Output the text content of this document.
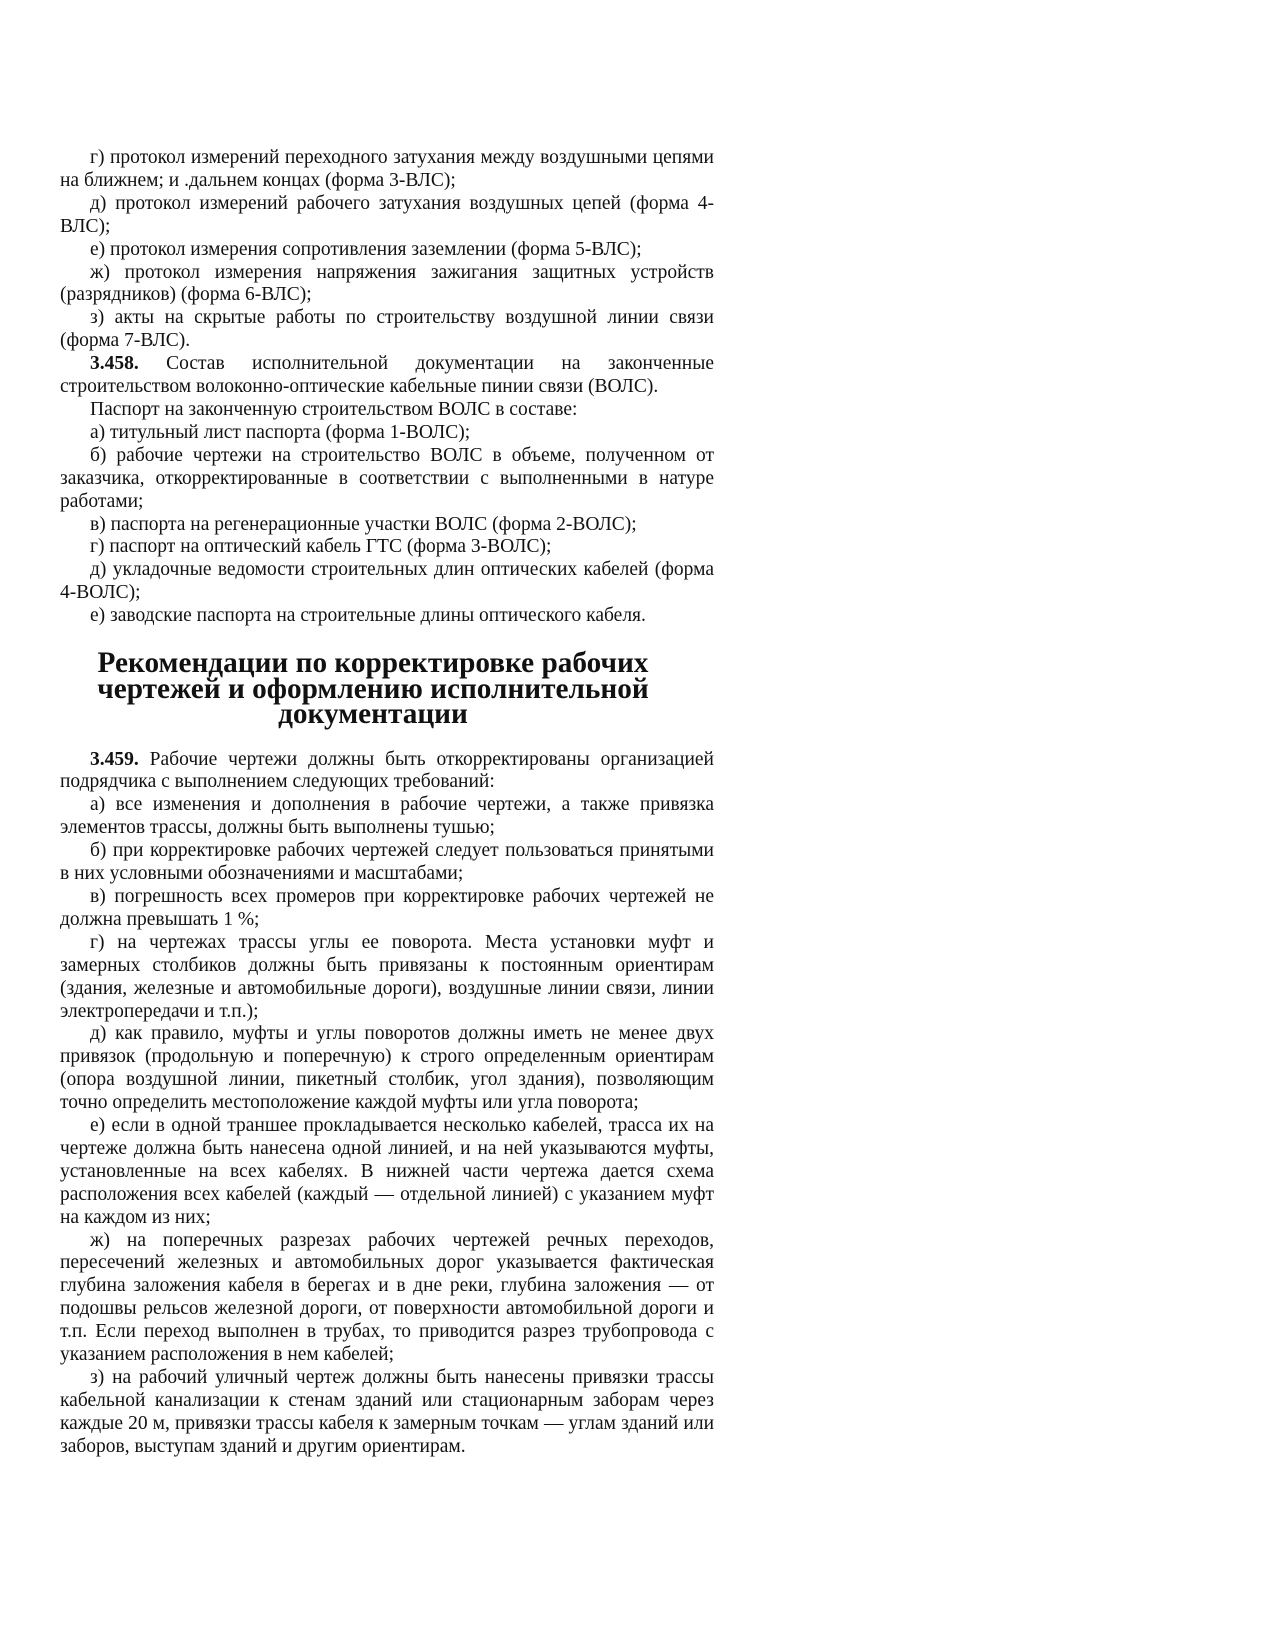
г) протокол измерений переходного затухания между воздушными цепями на ближнем; и .дальнем концах (форма 3-ВЛС);

д) протокол измерений рабочего затухания воздушных цепей (форма 4-ВЛС);

е) протокол измерения сопротивления заземлении (форма 5-ВЛС);

ж) протокол измерения напряжения зажигания защитных устройств (разрядников) (форма 6-ВЛС);

з) акты на скрытые работы по строительству воздушной линии связи (форма 7-ВЛС).

3.458. Состав исполнительной документации на законченные строительством волоконно-оптические кабельные пинии связи (ВОЛС).

Паспорт на законченную строительством ВОЛС в составе:

а) титульный лист паспорта (форма 1-ВОЛС);

б) рабочие чертежи на строительство ВОЛС в объеме, полученном от заказчика, откорректированные в соответствии с выполненными в натуре работами;

в) паспорта на регенерационные участки ВОЛС (форма 2-ВОЛС);

г) паспорт на оптический кабель ГТС (форма 3-ВОЛС);

д) укладочные ведомости строительных длин оптических кабелей (форма 4-ВОЛС);

е) заводские паспорта на строительные длины оптического кабеля.

Рекомендации по корректировке рабочих
чертежей и оформлению исполнительной
документации

3.459. Рабочие чертежи должны быть откорректированы организацией подрядчика с выполнением следующих требований:

а) все изменения и дополнения в рабочие чертежи, а также привязка элементов трассы, должны быть выполнены тушью;

б) при корректировке рабочих чертежей следует пользоваться принятыми в них условными обозначениями и масштабами;

в) погрешность всех промеров при корректировке рабочих чертежей не должна превышать 1 %;

г) на чертежах трассы углы ее поворота. Места установки муфт и замерных столбиков должны быть привязаны к постоянным ориентирам (здания, железные и автомобильные дороги), воздушные линии связи, линии электропередачи и т.п.);

д) как правило, муфты и углы поворотов должны иметь не менее двух привязок (продольную и поперечную) к строго определенным ориентирам (опора воздушной линии, пикетный столбик, угол здания), позволяющим точно определить местоположение каждой муфты или угла поворота;

е) если в одной траншее прокладывается несколько кабелей, трасса их на чертеже должна быть нанесена одной линией, и на ней указываются муфты, установленные на всех кабелях. В нижней части чертежа дается схема расположения всех кабелей (каждый — отдельной линией) с указанием муфт на каждом из них;

ж) на поперечных разрезах рабочих чертежей речных переходов, пересечений железных и автомобильных дорог указывается фактическая глубина заложения кабеля в берегах и в дне реки, глубина заложения — от подошвы рельсов железной дороги, от поверхности автомобильной дороги и т.п. Если переход выполнен в трубах, то приводится разрез трубопровода с указанием расположения в нем кабелей;

з) на рабочий уличный чертеж должны быть нанесены привязки трассы кабельной канализации к стенам зданий или стационарным заборам через каждые 20 м, привязки трассы кабеля к замерным точкам — углам зданий или заборов, выступам зданий и другим ориентирам.
